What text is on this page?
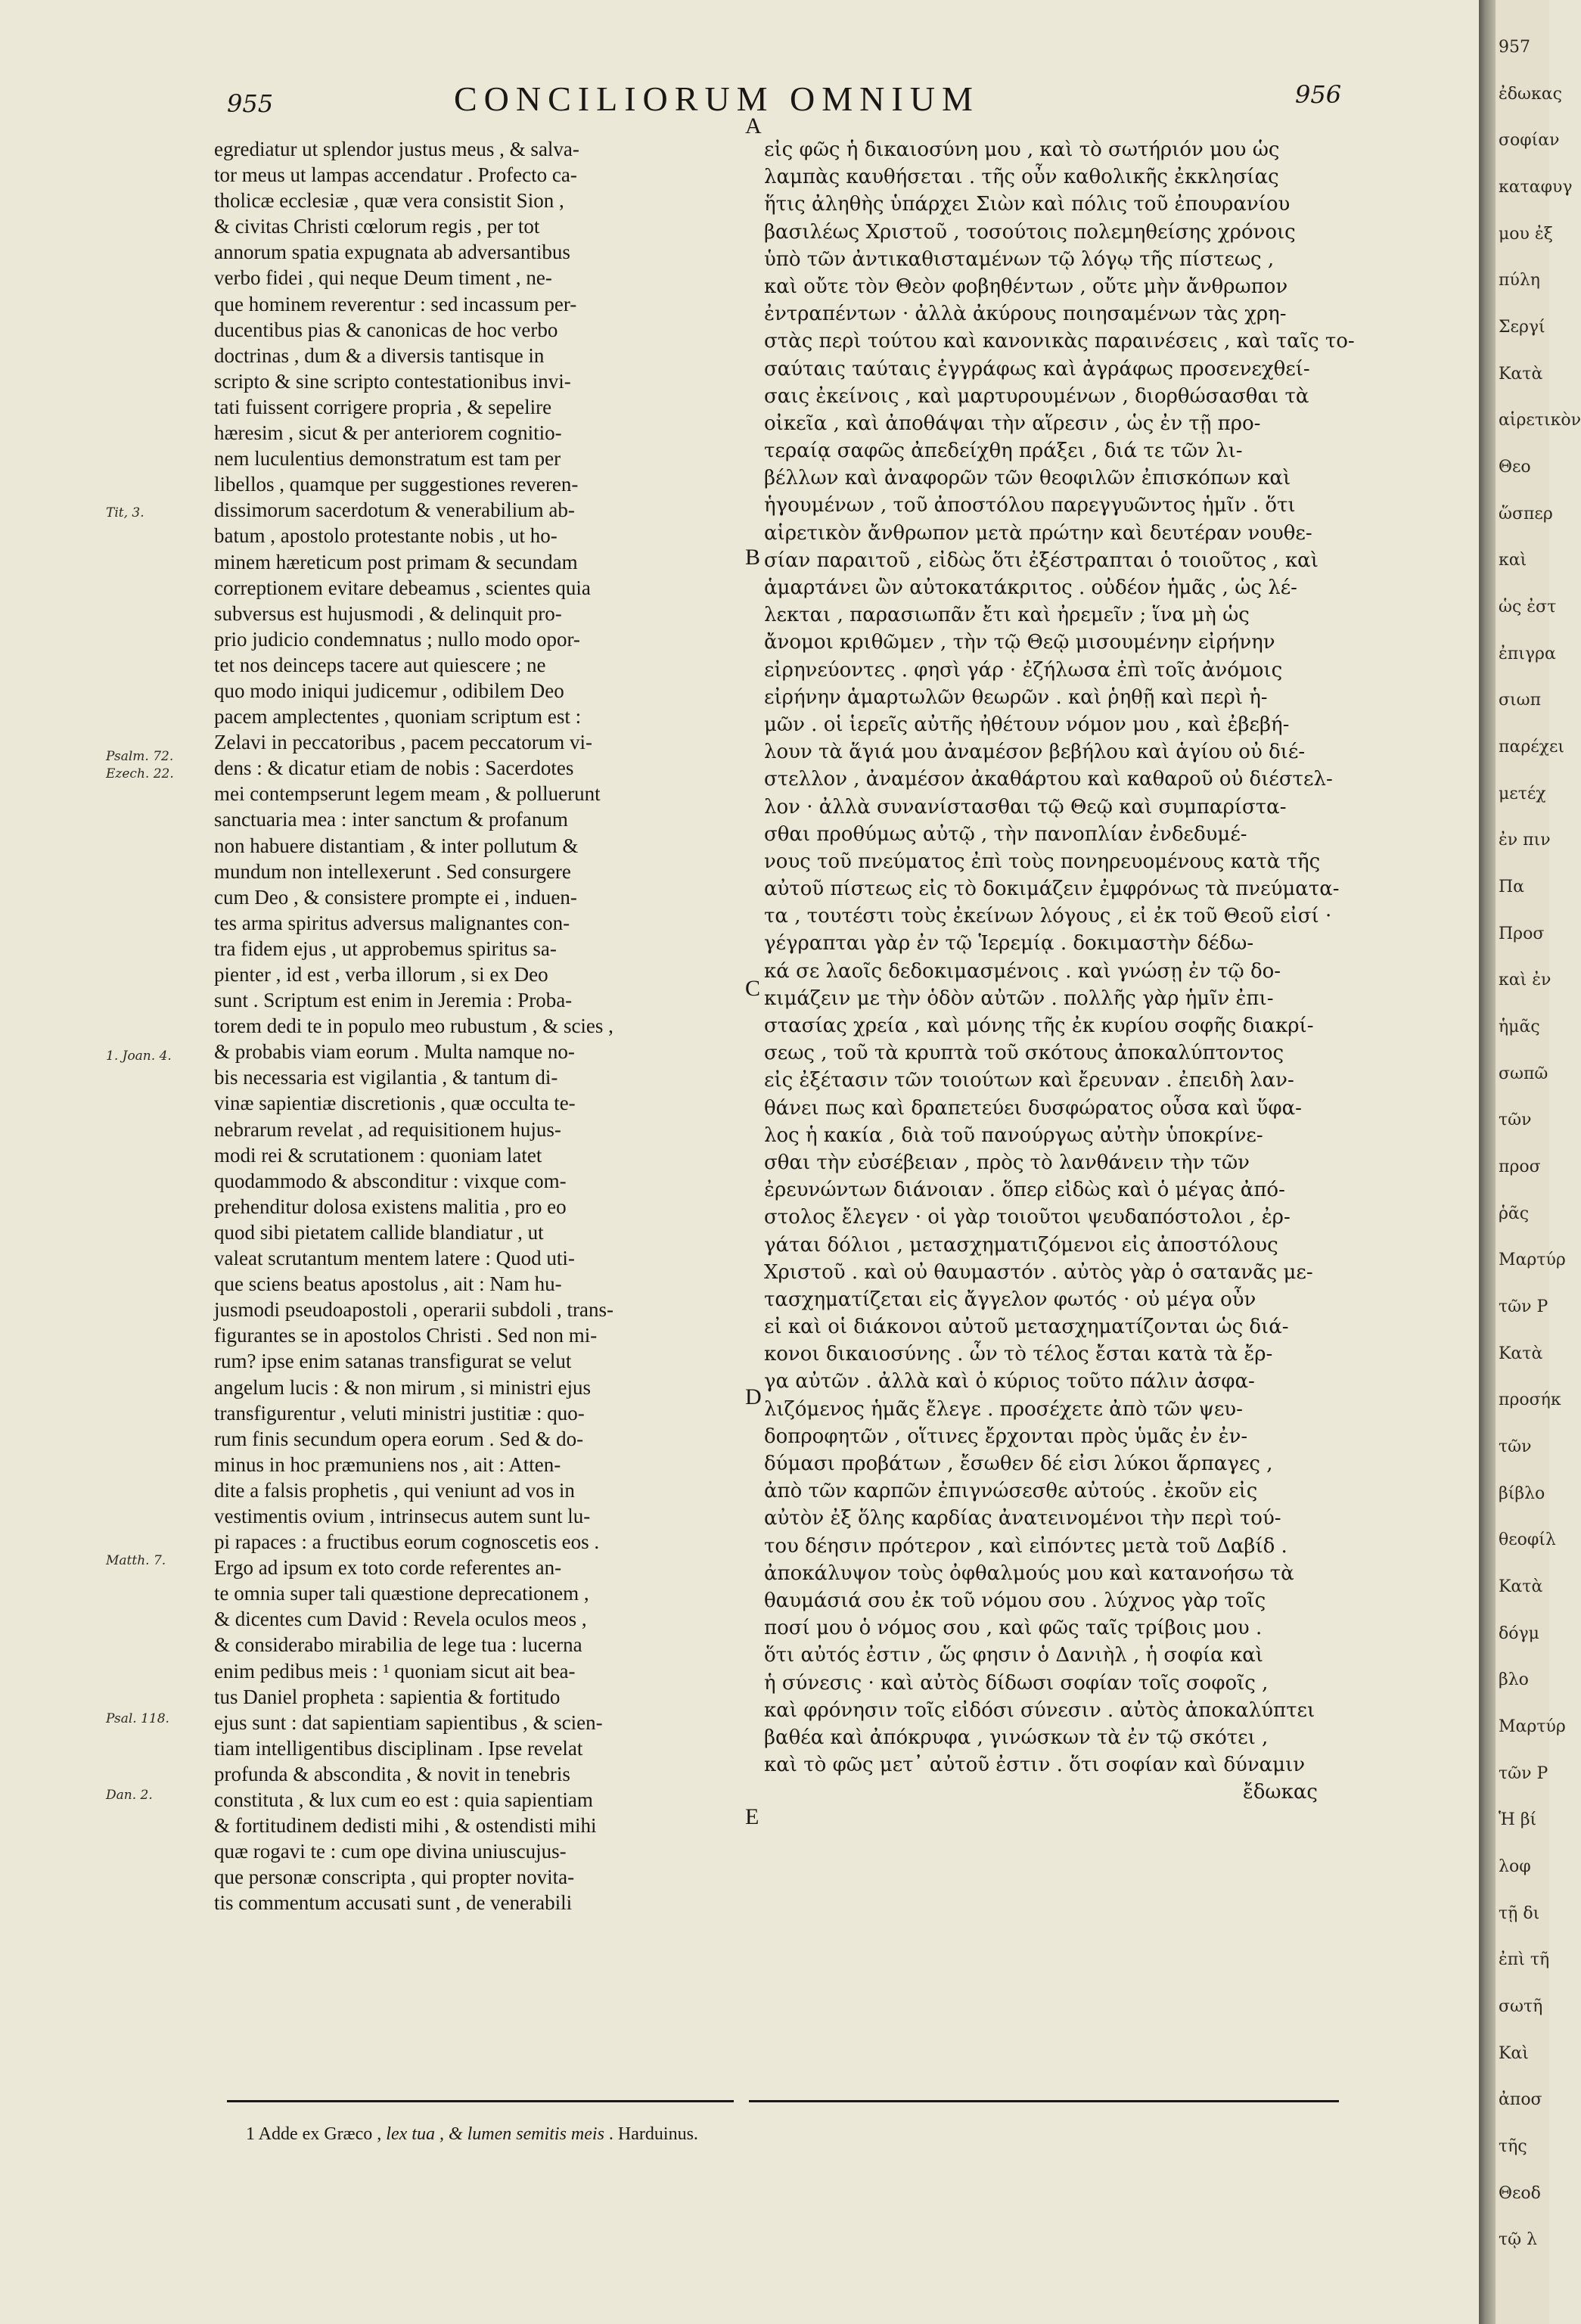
955	CONCILIORUM OMNIUM	956
Tit, 3.
Psalm. 72.
Ezech. 22.
1. Joan. 4.
Matth. 7.
Psal. 118.
Dan. 2.
egrediatur ut splendor justus meus , & salva-
tor meus ut lampas accendatur . Profecto ca-
tholicæ ecclesiæ , quæ vera consistit Sion ,
& civitas Christi cœlorum regis , per tot
annorum spatia expugnata ab adversantibus
verbo fidei , qui neque Deum timent , ne-
que hominem reverentur : sed incassum per-
ducentibus pias & canonicas de hoc verbo
doctrinas , dum & a diversis tantisque in
scripto & sine scripto contestationibus invi-
tati fuissent corrigere propria , & sepelire
hæresim , sicut & per anteriorem cognitio-
nem luculentius demonstratum est tam per
libellos , quamque per suggestiones reveren-
dissimorum sacerdotum & venerabilium ab-
batum , apostolo protestante nobis , ut ho-
minem hæreticum post primam & secundam
correptionem evitare debeamus , scientes quia
subversus est hujusmodi , & delinquit pro-
prio judicio condemnatus ; nullo modo opor-
tet nos deinceps tacere aut quiescere ; ne
quo modo iniqui judicemur , odibilem Deo
pacem amplectentes , quoniam scriptum est :
Zelavi in peccatoribus , pacem peccatorum vi-
dens : & dicatur etiam de nobis : Sacerdotes
mei contempserunt legem meam , & polluerunt
sanctuaria mea : inter sanctum & profanum
non habuere distantiam , & inter pollutum &
mundum non intellexerunt . Sed consurgere
cum Deo , & consistere prompte ei , induen-
tes arma spiritus adversus malignantes con-
tra fidem ejus , ut approbemus spiritus sa-
pienter , id est , verba illorum , si ex Deo
sunt . Scriptum est enim in Jeremia : Proba-
torem dedi te in populo meo rubustum , & scies ,
& probabis viam eorum . Multa namque no-
bis necessaria est vigilantia , & tantum di-
vinæ sapientiæ discretionis , quæ occulta te-
nebrarum revelat , ad requisitionem hujus-
modi rei & scrutationem : quoniam latet
quodammodo & absconditur : vixque com-
prehenditur dolosa existens malitia , pro eo
quod sibi pietatem callide blandiatur , ut
valeat scrutantum mentem latere : Quod uti-
que sciens beatus apostolus , ait : Nam hu-
jusmodi pseudoapostoli , operarii subdoli , trans-
figurantes se in apostolos Christi . Sed non mi-
rum? ipse enim satanas transfigurat se velut
angelum lucis : & non mirum , si ministri ejus
transfigurentur , veluti ministri justitiæ : quo-
rum finis secundum opera eorum . Sed & do-
minus in hoc præmuniens nos , ait : Atten-
dite a falsis prophetis , qui veniunt ad vos in
vestimentis ovium , intrinsecus autem sunt lu-
pi rapaces : a fructibus eorum cognoscetis eos .
Ergo ad ipsum ex toto corde referentes an-
te omnia super tali quæstione deprecationem ,
& dicentes cum David : Revela oculos meos ,
& considerabo mirabilia de lege tua : lucerna
enim pedibus meis : ¹ quoniam sicut ait bea-
tus Daniel propheta : sapientia & fortitudo
ejus sunt : dat sapientiam sapientibus , & scien-
tiam intelligentibus disciplinam . Ipse revelat
profunda & abscondita , & novit in tenebris
constituta , & lux cum eo est : quia sapientiam
& fortitudinem dedisti mihi , & ostendisti mihi
quæ rogavi te : cum ope divina uniuscujus-
que personæ conscripta , qui propter novita-
tis commentum accusati sunt , de venerabili
A
B
C
D
E
εἰς φῶς ἡ δικαιοσύνη μου , καὶ τὸ σωτήριόν μου ὡς
λαμπὰς καυθήσεται . τῆς οὖν καθολικῆς ἐκκλησίας
ἥτις ἀληθὴς ὑπάρχει Σιὼν καὶ πόλις τοῦ ἐπουρανίου
βασιλέως Χριστοῦ , τοσούτοις πολεμηθείσης χρόνοις
ὑπὸ τῶν ἀντικαθισταμένων τῷ λόγῳ τῆς πίστεως ,
καὶ οὔτε τὸν Θεὸν φοβηθέντων , οὔτε μὴν ἄνθρωπον
ἐντραπέντων · ἀλλὰ ἀκύρους ποιησαμένων τὰς χρη-
στὰς περὶ τούτου καὶ κανονικὰς παραινέσεις , καὶ ταῖς το-
σαύταις ταύταις ἐγγράφως καὶ ἀγράφως προσενεχθεί-
σαις ἐκείνοις , καὶ μαρτυρουμένων , διορθώσασθαι τὰ
οἰκεῖα , καὶ ἀποθάψαι τὴν αἵρεσιν , ὡς ἐν τῇ προ-
τεραίᾳ σαφῶς ἀπεδείχθη πράξει , διά τε τῶν λι-
βέλλων καὶ ἀναφορῶν τῶν θεοφιλῶν ἐπισκόπων καὶ
ἡγουμένων , τοῦ ἀποστόλου παρεγγυῶντος ἡμῖν . ὅτι
αἱρετικὸν ἄνθρωπον μετὰ πρώτην καὶ δευτέραν νουθε-
σίαν παραιτοῦ , εἰδὼς ὅτι ἐξέστραπται ὁ τοιοῦτος , καὶ
ἁμαρτάνει ὢν αὐτοκατάκριτος . οὐδέον ἡμᾶς , ὡς λέ-
λεκται , παρασιωπᾶν ἔτι καὶ ἠρεμεῖν ; ἵνα μὴ ὡς
ἄνομοι κριθῶμεν , τὴν τῷ Θεῷ μισουμένην εἰρήνην
εἰρηνεύοντες . φησὶ γάρ · ἐζήλωσα ἐπὶ τοῖς ἀνόμοις
εἰρήνην ἁμαρτωλῶν θεωρῶν . καὶ ῥηθῇ καὶ περὶ ἡ-
μῶν . οἱ ἱερεῖς αὐτῆς ἠθέτουν νόμον μου , καὶ ἐβεβή-
λουν τὰ ἅγιά μου ἀναμέσον βεβήλου καὶ ἁγίου οὐ διέ-
στελλον , ἀναμέσον ἀκαθάρτου καὶ καθαροῦ οὐ διέστελ-
λον · ἀλλὰ συνανίστασθαι τῷ Θεῷ καὶ συμπαρίστα-
σθαι προθύμως αὐτῷ , τὴν πανοπλίαν ἐνδεδυμέ-
νους τοῦ πνεύματος ἐπὶ τοὺς πονηρευομένους κατὰ τῆς
αὐτοῦ πίστεως εἰς τὸ δοκιμάζειν ἐμφρόνως τὰ πνεύματα-
τα , τουτέστι τοὺς ἐκείνων λόγους , εἰ ἐκ τοῦ Θεοῦ εἰσί ·
γέγραπται γὰρ ἐν τῷ Ἱερεμίᾳ . δοκιμαστὴν δέδω-
κά σε λαοῖς δεδοκιμασμένοις . καὶ γνώσῃ ἐν τῷ δο-
κιμάζειν με τὴν ὁδὸν αὐτῶν . πολλῆς γὰρ ἡμῖν ἐπι-
στασίας χρεία , καὶ μόνης τῆς ἐκ κυρίου σοφῆς διακρί-
σεως , τοῦ τὰ κρυπτὰ τοῦ σκότους ἀποκαλύπτοντος
εἰς ἐξέτασιν τῶν τοιούτων καὶ ἔρευναν . ἐπειδὴ λαν-
θάνει πως καὶ δραπετεύει δυσφώρατος οὖσα καὶ ὕφα-
λος ἡ κακία , διὰ τοῦ πανούργως αὐτὴν ὑποκρίνε-
σθαι τὴν εὐσέβειαν , πρὸς τὸ λανθάνειν τὴν τῶν
ἐρευνώντων διάνοιαν . ὅπερ εἰδὼς καὶ ὁ μέγας ἀπό-
στολος ἔλεγεν · οἱ γὰρ τοιοῦτοι ψευδαπόστολοι , ἐρ-
γάται δόλιοι , μετασχηματιζόμενοι εἰς ἀποστόλους
Χριστοῦ . καὶ οὐ θαυμαστόν . αὐτὸς γὰρ ὁ σατανᾶς με-
τασχηματίζεται εἰς ἄγγελον φωτός · οὐ μέγα οὖν
εἰ καὶ οἱ διάκονοι αὐτοῦ μετασχηματίζονται ὡς διά-
κονοι δικαιοσύνης . ὧν τὸ τέλος ἔσται κατὰ τὰ ἔρ-
γα αὐτῶν . ἀλλὰ καὶ ὁ κύριος τοῦτο πάλιν ἀσφα-
λιζόμενος ἡμᾶς ἔλεγε . προσέχετε ἀπὸ τῶν ψευ-
δοπροφητῶν , οἵτινες ἔρχονται πρὸς ὑμᾶς ἐν ἐν-
δύμασι προβάτων , ἔσωθεν δέ εἰσι λύκοι ἅρπαγες ,
ἀπὸ τῶν καρπῶν ἐπιγνώσεσθε αὐτούς . ἐκοῦν εἰς
αὐτὸν ἐξ ὅλης καρδίας ἀνατεινομένοι τὴν περὶ τού-
του δέησιν πρότερον , καὶ εἰπόντες μετὰ τοῦ Δαβίδ .
ἀποκάλυψον τοὺς ὀφθαλμούς μου καὶ κατανοήσω τὰ
θαυμάσιά σου ἐκ τοῦ νόμου σου . λύχνος γὰρ τοῖς
ποσί μου ὁ νόμος σου , καὶ φῶς ταῖς τρίβοις μου .
ὅτι αὐτός ἐστιν , ὥς φησιν ὁ Δανιὴλ , ἡ σοφία καὶ
ἡ σύνεσις · καὶ αὐτὸς δίδωσι σοφίαν τοῖς σοφοῖς ,
καὶ φρόνησιν τοῖς εἰδόσι σύνεσιν . αὐτὸς ἀποκαλύπτει
βαθέα καὶ ἀπόκρυφα , γινώσκων τὰ ἐν τῷ σκότει ,
καὶ τὸ φῶς μετ᾽ αὐτοῦ ἐστιν . ὅτι σοφίαν καὶ δύναμιν
ἔδωκας
1 Adde ex Græco , lex tua , & lumen semitis meis . Harduinus.
957
ἐδωκας
σοφίαν
καταφυγ
μου ἐξ
πύλη
Σεργί
Κατὰ
αἱρετικὸν
Θεο
ὥσπερ
καὶ
ὡς ἐστ
ἐπιγρα
σιωπ
παρέχει
μετέχ
ἐν πιν
Πα
Προσ
καὶ ἐν
ἡμᾶς
σωπῶ
τῶν
προσ
ῥᾶς
Μαρτύρ
τῶν Ρ
Κατὰ
προσήκ
τῶν
βίβλο
θεοφίλ
Κατὰ
δόγμ
βλο
Μαρτύρ
τῶν Ρ
Ἡ βί
λοφ
τῇ δι
ἐπὶ τῆ
σωτῆ
Καὶ
ἀποσ
τῆς
Θεοδ
τῷ λ
